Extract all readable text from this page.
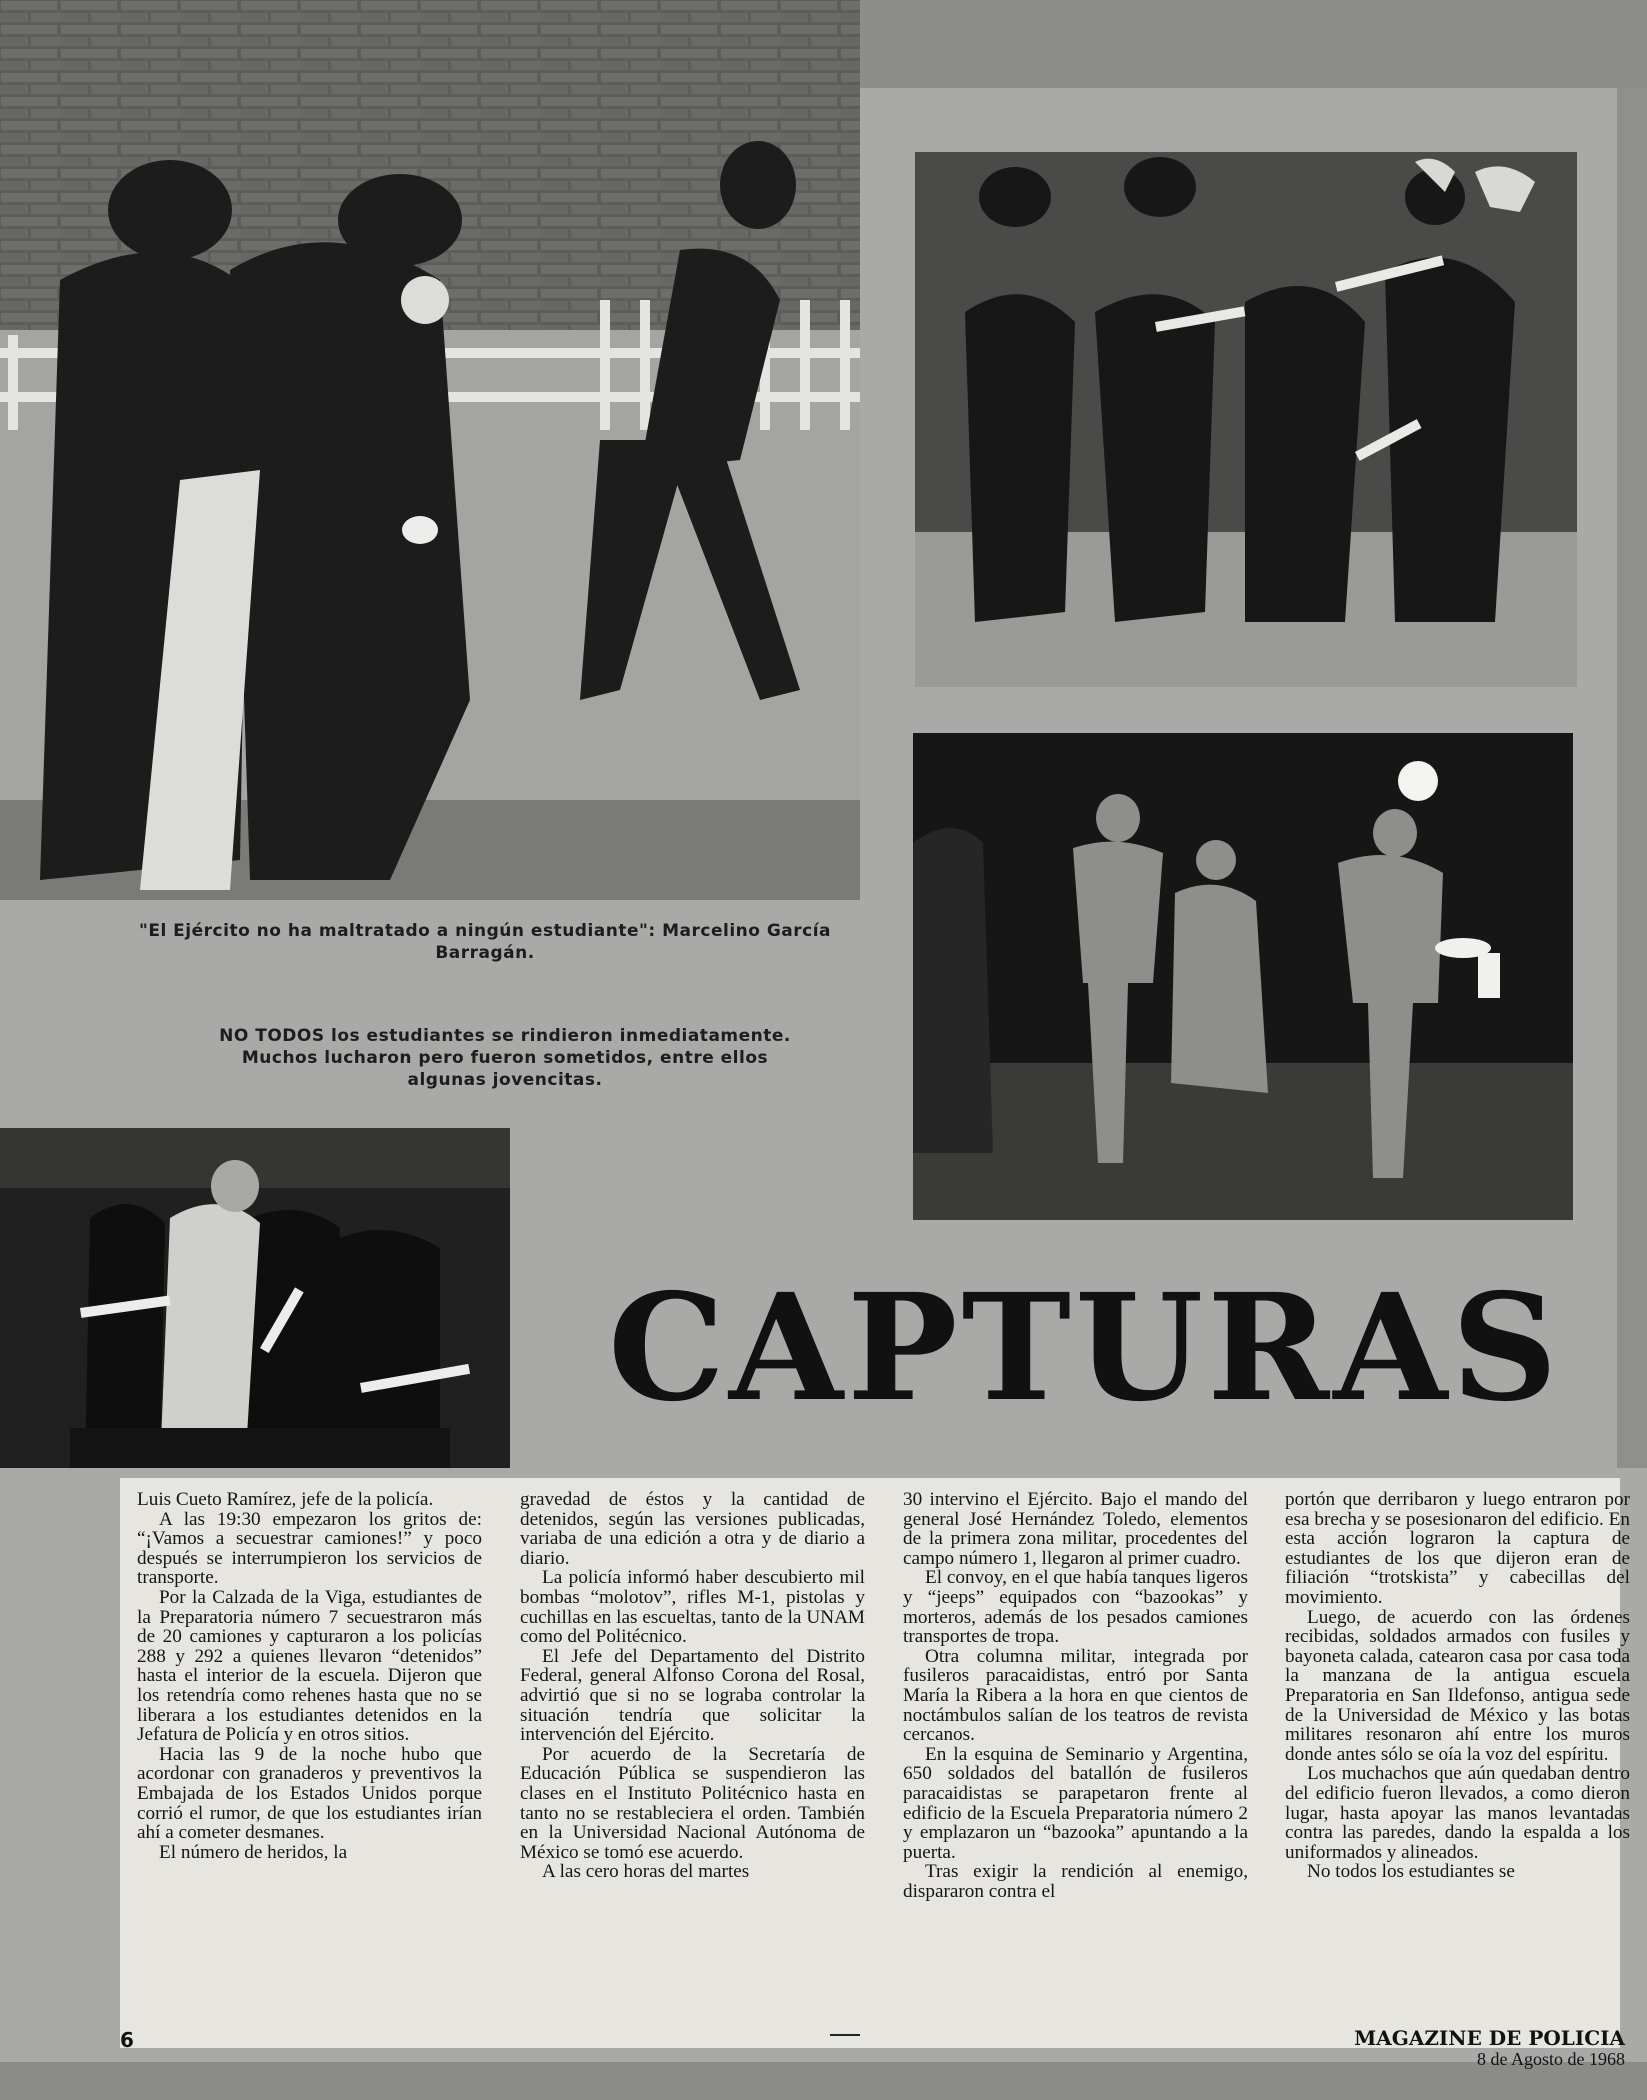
"El Ejército no ha maltratado a ningún estudiante": Marcelino García Barragán.
NO TODOS los estudiantes se rindieron inmediatamente. Muchos lucharon pero fueron sometidos, entre ellos algunas jovencitas.
CAPTURAS

Luis Cueto Ramírez, jefe de la policía.

A las 19:30 empezaron los gritos de: “¡Vamos a secuestrar camiones!” y poco después se interrumpieron los servicios de transporte.

Por la Calzada de la Viga, estudiantes de la Preparatoria número 7 secuestraron más de 20 camiones y capturaron a los policías 288 y 292 a quienes llevaron “detenidos” hasta el interior de la escuela. Dijeron que los retendría como rehenes hasta que no se liberara a los estudiantes detenidos en la Jefatura de Policía y en otros sitios.

Hacia las 9 de la noche hubo que acordonar con granaderos y preventivos la Embajada de los Estados Unidos porque corrió el rumor, de que los estudiantes irían ahí a cometer desmanes.

El número de heridos, la

gravedad de éstos y la cantidad de detenidos, según las versiones publicadas, variaba de una edición a otra y de diario a diario.

La policía informó haber descubierto mil bombas “molotov”, rifles M-1, pistolas y cuchillas en las escueltas, tanto de la UNAM como del Politécnico.

El Jefe del Departamento del Distrito Federal, general Alfonso Corona del Rosal, advirtió que si no se lograba controlar la situación tendría que solicitar la intervención del Ejército.

Por acuerdo de la Secretaría de Educación Pública se suspendieron las clases en el Instituto Politécnico hasta en tanto no se restableciera el orden. También en la Universidad Nacional Autónoma de México se tomó ese acuerdo.

A las cero horas del martes

30 intervino el Ejército. Bajo el mando del general José Hernández Toledo, elementos de la primera zona militar, procedentes del campo número 1, llegaron al primer cuadro.

El convoy, en el que había tanques ligeros y “jeeps” equipados con “bazookas” y morteros, además de los pesados camiones transportes de tropa.

Otra columna militar, integrada por fusileros paracaidistas, entró por Santa María la Ribera a la hora en que cientos de noctámbulos salían de los teatros de revista cercanos.

En la esquina de Seminario y Argentina, 650 soldados del batallón de fusileros paracaidistas se parapetaron frente al edificio de la Escuela Preparatoria número 2 y emplazaron un “bazooka” apuntando a la puerta.

Tras exigir la rendición al enemigo, dispararon contra el

portón que derribaron y luego entraron por esa brecha y se posesionaron del edificio. En esta acción lograron la captura de estudiantes de los que dijeron eran de filiación “trotskista” y cabecillas del movimiento.

Luego, de acuerdo con las órdenes recibidas, soldados armados con fusiles y bayoneta calada, catearon casa por casa toda la manzana de la antigua escuela Preparatoria en San Ildefonso, antigua sede de la Universidad de México y las botas militares resonaron ahí entre los muros donde antes sólo se oía la voz del espíritu.

Los muchachos que aún quedaban dentro del edificio fueron llevados, a como dieron lugar, hasta apoyar las manos levantadas contra las paredes, dando la espalda a los uniformados y alineados.

No todos los estudiantes se

6	MAGAZINE DE POLICIA
8 de Agosto de 1968
